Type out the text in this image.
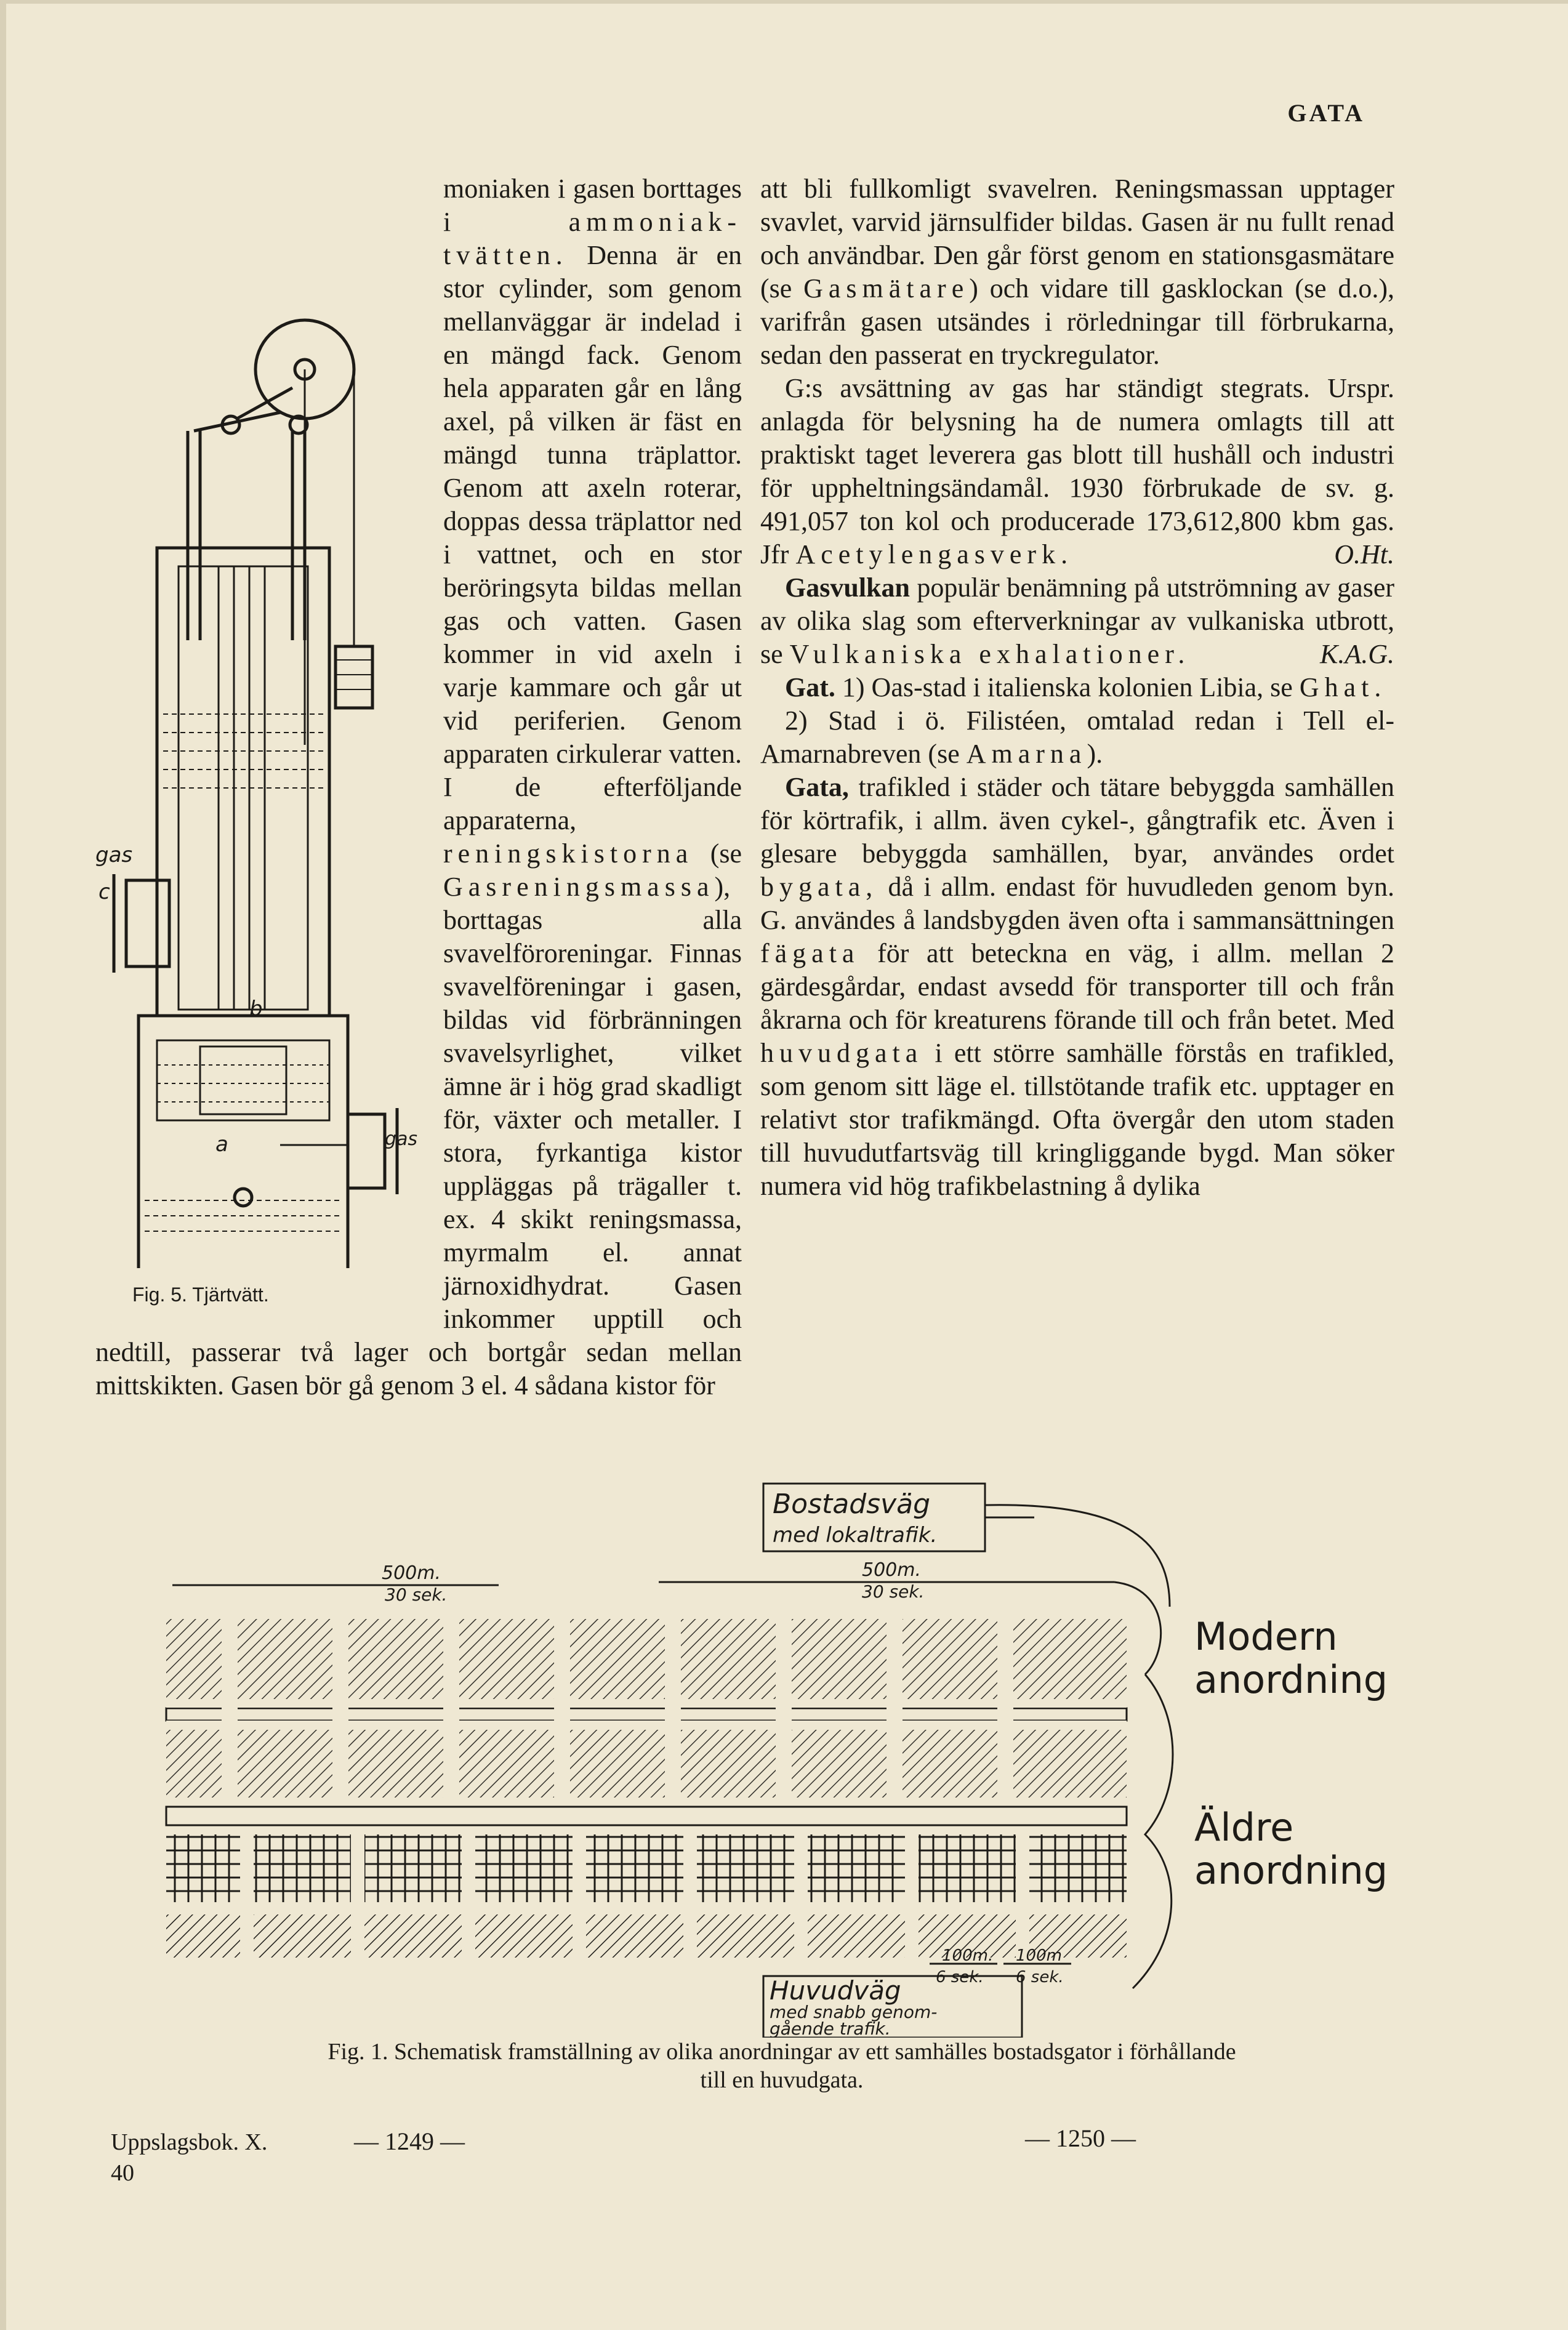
GATA
gas
c
b
a	gas
Fig. 5. Tjärtvätt.

moniaken i gasen borttages i ammoniak-tvätten. Denna är en stor cylinder, som genom mellanväggar är indelad i en mängd fack. Genom hela apparaten går en lång axel, på vilken är fäst en mängd tunna träplattor. Genom att axeln roterar, doppas dessa träplattor ned i vattnet, och en stor beröringsyta bildas mellan gas och vatten. Gasen kommer in vid axeln i varje kammare och går ut vid periferien. Genom apparaten cirkulerar vatten. I de efterföljande apparaterna, reningskistorna (se Gasreningsmassa), borttagas alla svavelföroreningar. Finnas svavelföreningar i gasen, bildas vid förbränningen svavelsyrlighet, vilket ämne är i hög grad skadligt för, växter och metaller. I stora, fyrkantiga kistor uppläggas på trägaller t. ex. 4 skikt reningsmassa, myrmalm el. annat järnoxidhydrat. Gasen inkommer upptill och nedtill, passerar två lager och bortgår sedan mellan mittskikten. Gasen bör gå genom 3 el. 4 sådana kistor för

att bli fullkomligt svavelren. Reningsmassan upptager svavlet, varvid järnsulfider bildas. Gasen är nu fullt renad och användbar. Den går först genom en stationsgasmätare (se Gasmätare) och vidare till gasklockan (se d.o.), varifrån gasen utsändes i rörledningar till förbrukarna, sedan den passerat en tryckregulator.

G:s avsättning av gas har ständigt stegrats. Urspr. anlagda för belysning ha de numera omlagts till att praktiskt taget leverera gas blott till hushåll och industri för uppheltningsändamål. 1930 förbrukade de sv. g. 491,057 ton kol och producerade 173,612,800 kbm gas. Jfr Acetylengasverk.	O.Ht.

Gasvulkan populär benämning på utströmning av gaser av olika slag som efterverkningar av vulkaniska utbrott, se Vulkaniska exhalationer.	K.A.G.

Gat. 1) Oas-stad i italienska kolonien Libia, se Ghat.

2) Stad i ö. Filistéen, omtalad redan i Tell el-Amarnabreven (se Amarna).

Gata, trafikled i städer och tätare bebyggda samhällen för körtrafik, i allm. även cykel-, gångtrafik etc. Även i glesare bebyggda samhällen, byar, användes ordet bygata, då i allm. endast för huvudleden genom byn. G. användes å landsbygden även ofta i sammansättningen fägata för att beteckna en väg, i allm. mellan 2 gärdesgårdar, endast avsedd för transporter till och från åkrarna och för kreaturens förande till och från betet. Med huvudgata i ett större samhälle förstås en trafikled, som genom sitt läge el. tillstötande trafik etc. upptager en relativt stor trafikmängd. Ofta övergår den utom staden till huvudutfartsväg till kringliggande bygd. Man söker numera vid hög trafikbelastning å dylika

Bostadsväg
med lokaltrafik.
500m.
30 sek.
500m.
30 sek.
Modern
anordning
Äldre
anordning
100m.
6 sek.
100m
6 sek.
Huvudväg
med snabb genom-
gående trafik.
Fig. 1. Schematisk framställning av olika anordningar av ett samhälles bostadsgator i förhållande
till en huvudgata.
Uppslagsbok. X.
40
— 1249 —	— 1250 —
